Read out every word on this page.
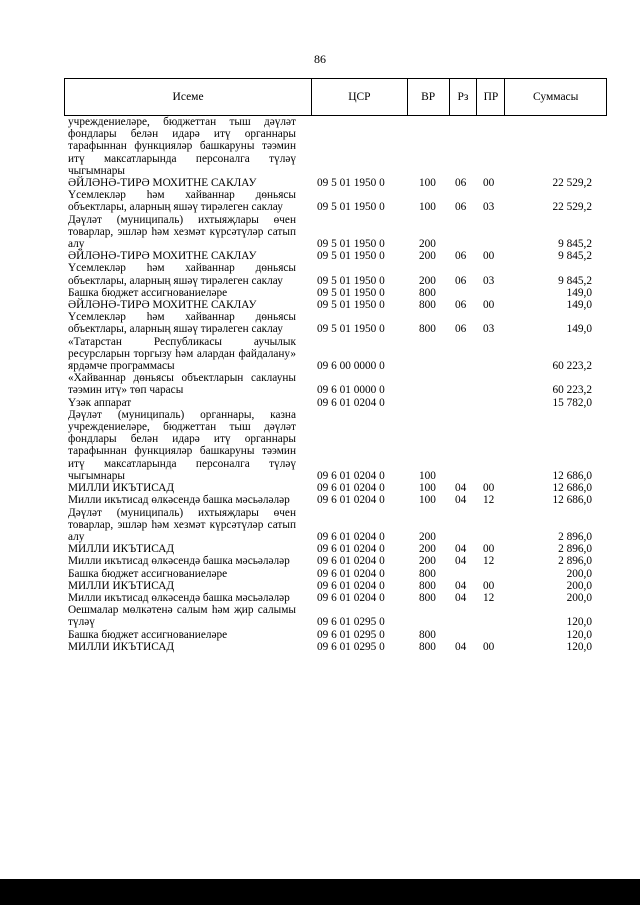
86
Исеме	ЦСР	ВР	Рз	ПР	Суммасы
учреждениеләре, бюджеттан тыш дәүләт фондлары белән идарә итү органнары тарафыннан функцияләр башкаруны тәэмин итү максатларында персоналга түләү чыгымнары
ӘЙЛӘНӘ-ТИРӘ МОХИТНЕ САКЛАУ	09 5 01 1950 0	100 06 00	22 529,2
Үсемлекләр һәм хайваннар дөньясы объектлары, аларның яшәү тирәлеген саклау	09 5 01 1950 0	100 06 03	22 529,2
Дәүләт (муниципаль) ихтыяҗлары өчен товарлар, эшләр һәм хезмәт күрсәтүләр сатып алу	09 5 01 1950 0	200	9 845,2
ӘЙЛӘНӘ-ТИРӘ МОХИТНЕ САКЛАУ	09 5 01 1950 0	200 06 00	9 845,2
Үсемлекләр һәм хайваннар дөньясы объектлары, аларның яшәү тирәлеген саклау	09 5 01 1950 0	200 06 03	9 845,2
Башка бюджет ассигнованиеләре	09 5 01 1950 0	800	149,0
ӘЙЛӘНӘ-ТИРӘ МОХИТНЕ САКЛАУ	09 5 01 1950 0	800 06 00	149,0
Үсемлекләр һәм хайваннар дөньясы объектлары, аларның яшәү тирәлеген саклау	09 5 01 1950 0	800 06 03	149,0
«Татарстан Республикасы аучылык ресурсларын торгызу һәм алардан файдалану» ярдәмче программасы	09 6 00 0000 0	60 223,2
«Хайваннар дөньясы объектларын саклауны тәэмин итү» төп чарасы	09 6 01 0000 0	60 223,2
Үзәк аппарат	09 6 01 0204 0	15 782,0
Дәүләт (муниципаль) органнары, казна учреждениеләре, бюджеттан тыш дәүләт фондлары белән идарә итү органнары тарафыннан функцияләр башкаруны тәэмин итү максатларында персоналга түләү чыгымнары	09 6 01 0204 0	100	12 686,0
МИЛЛИ ИКЪТИСАД	09 6 01 0204 0	100 04 00	12 686,0
Милли икътисад өлкәсендә башка мәсьәләләр	09 6 01 0204 0	100 04 12	12 686,0
Дәүләт (муниципаль) ихтыяҗлары өчен товарлар, эшләр һәм хезмәт күрсәтүләр сатып алу	09 6 01 0204 0	200	2 896,0
МИЛЛИ ИКЪТИСАД	09 6 01 0204 0	200 04 00	2 896,0
Милли икътисад өлкәсендә башка мәсьәләләр	09 6 01 0204 0	200 04 12	2 896,0
Башка бюджет ассигнованиеләре	09 6 01 0204 0	800	200,0
МИЛЛИ ИКЪТИСАД	09 6 01 0204 0	800 04 00	200,0
Милли икътисад өлкәсендә башка мәсьәләләр	09 6 01 0204 0	800 04 12	200,0
Оешмалар мөлкәтенә салым һәм җир салымы түләү	09 6 01 0295 0	120,0
Башка бюджет ассигнованиеләре	09 6 01 0295 0	800	120,0
МИЛЛИ ИКЪТИСАД	09 6 01 0295 0	800 04 00	120,0
